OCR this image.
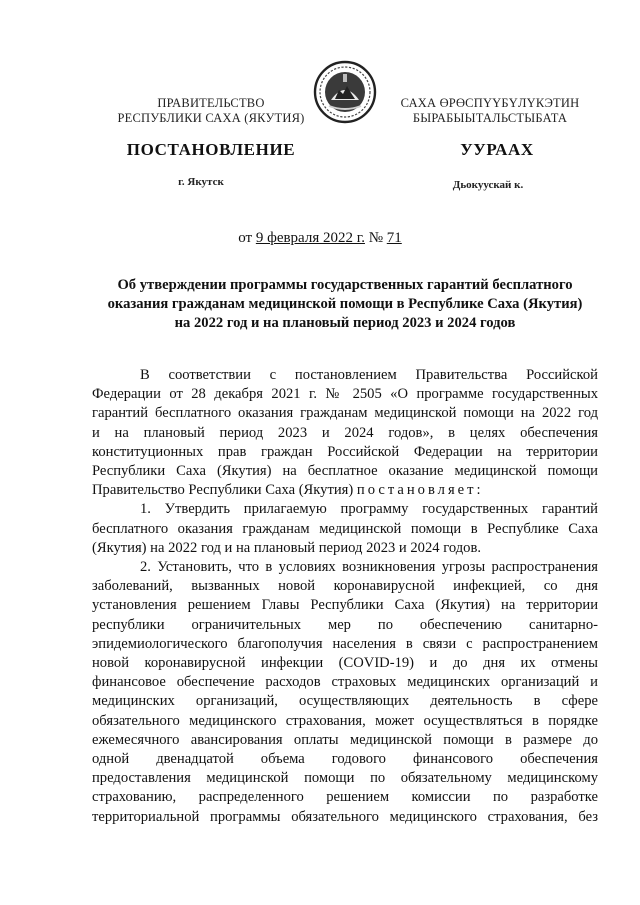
ПРАВИТЕЛЬСТВО
РЕСПУБЛИКИ САХА (ЯКУТИЯ)
САХА ӨРӨСПҮҮБҮЛҮКЭТИН
БЫРАБЫЫТАЛЬСТЫБАТА
ПОСТАНОВЛЕНИЕ	УУРААХ
г. Якутск	Дьокуускай к.
от 9 февраля 2022 г. № 71
Об утверждении программы государственных гарантий бесплатного
оказания гражданам медицинской помощи в Республике Саха (Якутия)
на 2022 год и на плановый период 2023 и 2024 годов
В соответствии с постановлением Правительства Российской
Федерации от 28 декабря 2021 г. № 2505 «О программе государственных
гарантий бесплатного оказания гражданам медицинской помощи на 2022 год
и на плановый период 2023 и 2024 годов», в целях обеспечения
конституционных прав граждан Российской Федерации на территории
Республики Саха (Якутия) на бесплатное оказание медицинской помощи
Правительство Республики Саха (Якутия) постановляет:
1. Утвердить прилагаемую программу государственных гарантий
бесплатного оказания гражданам медицинской помощи в Республике Саха
(Якутия) на 2022 год и на плановый период 2023 и 2024 годов.
2. Установить, что в условиях возникновения угрозы распространения
заболеваний, вызванных новой коронавирусной инфекцией, со дня
установления решением Главы Республики Саха (Якутия) на территории
республики ограничительных мер по обеспечению санитарно-
эпидемиологического благополучия населения в связи с распространением
новой коронавирусной инфекции (COVID-19) и до дня их отмены
финансовое обеспечение расходов страховых медицинских организаций и
медицинских организаций, осуществляющих деятельность в сфере
обязательного медицинского страхования, может осуществляться в порядке
ежемесячного авансирования оплаты медицинской помощи в размере до
одной двенадцатой объема годового финансового обеспечения
предоставления медицинской помощи по обязательному медицинскому
страхованию, распределенного решением комиссии по разработке
территориальной программы обязательного медицинского страхования, без
